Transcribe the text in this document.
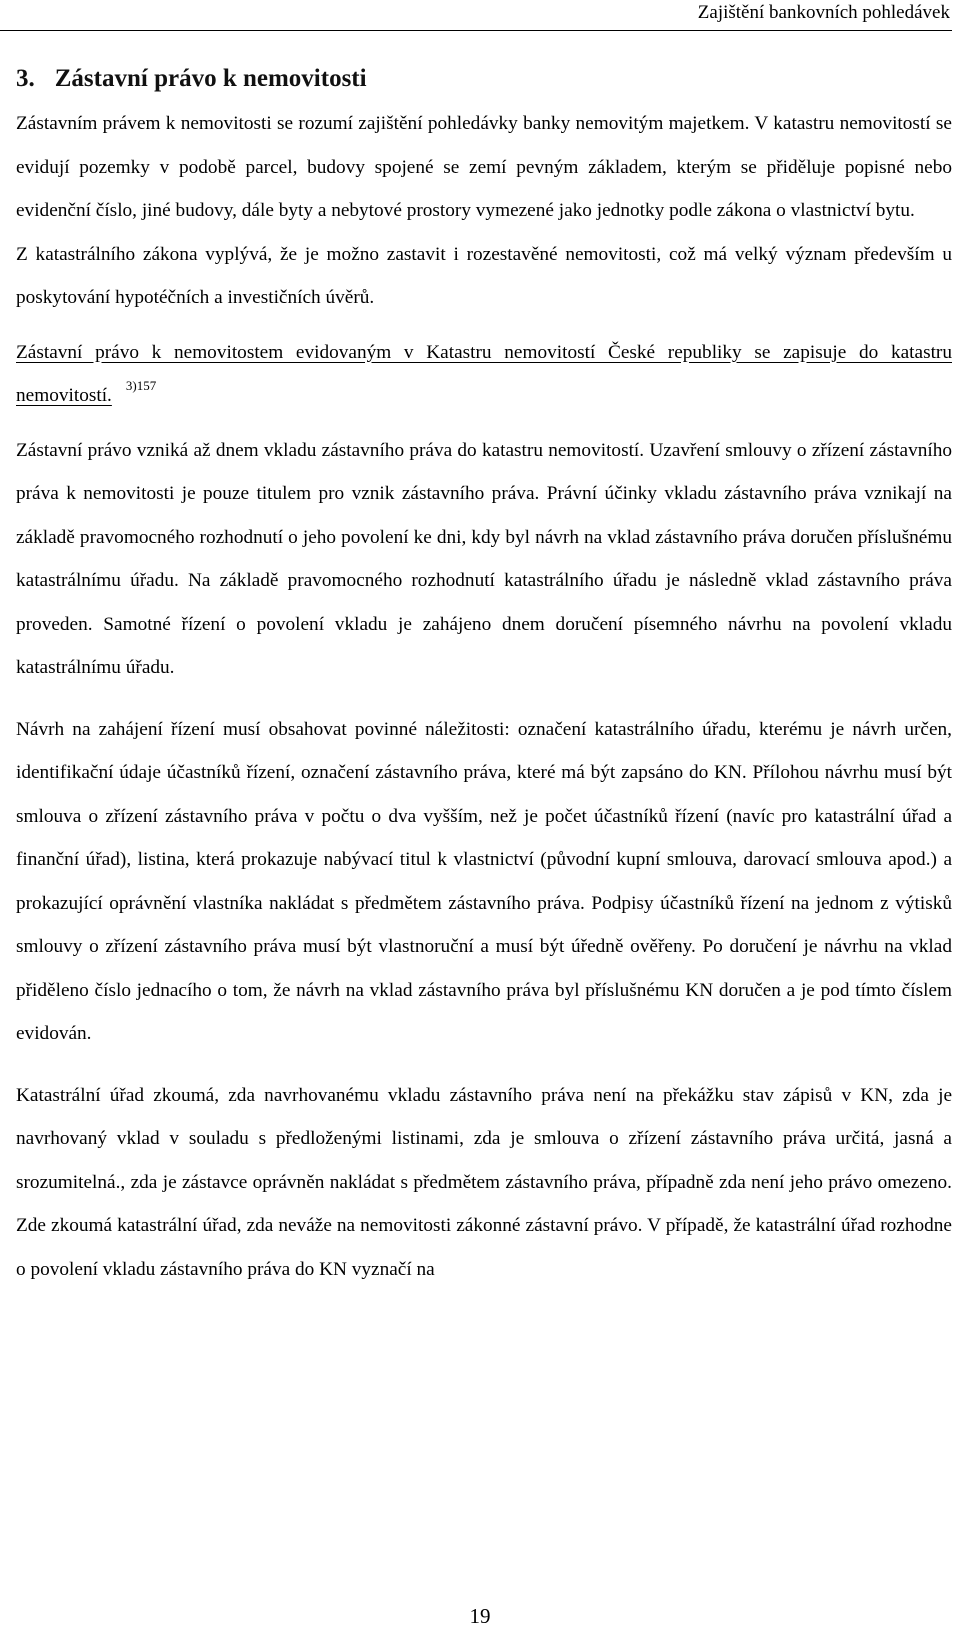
Zajištění bankovních pohledávek
3. Zástavní právo k nemovitosti

Zástavním právem k nemovitosti se rozumí zajištění pohledávky banky nemovitým majetkem. V katastru nemovitostí se evidují pozemky v podobě parcel, budovy spojené se zemí pevným základem, kterým se přiděluje popisné nebo evidenční číslo, jiné budovy, dále byty a nebytové prostory vymezené jako jednotky podle zákona o vlastnictví bytu.

Z katastrálního zákona vyplývá, že je možno zastavit i rozestavěné nemovitosti, což má velký význam především u poskytování hypotéčních a investičních úvěrů.

Zástavní právo k nemovitostem evidovaným v Katastru nemovitostí České republiky se zapisuje do katastru nemovitostí. $^{3)157}$

Zástavní právo vzniká až dnem vkladu zástavního práva do katastru nemovitostí. Uzavření smlouvy o zřízení zástavního práva k nemovitosti je pouze titulem pro vznik zástavního práva. Právní účinky vkladu zástavního práva vznikají na základě pravomocného rozhodnutí o jeho povolení ke dni, kdy byl návrh na vklad zástavního práva doručen příslušnému katastrálnímu úřadu. Na základě pravomocného rozhodnutí katastrálního úřadu je následně vklad zástavního práva proveden. Samotné řízení o povolení vkladu je zahájeno dnem doručení písemného návrhu na povolení vkladu katastrálnímu úřadu.

Návrh na zahájení řízení musí obsahovat povinné náležitosti: označení katastrálního úřadu, kterému je návrh určen, identifikační údaje účastníků řízení, označení zástavního práva, které má být zapsáno do KN. Přílohou návrhu musí být smlouva o zřízení zástavního práva v počtu o dva vyšším, než je počet účastníků řízení (navíc pro katastrální úřad a finanční úřad), listina, která prokazuje nabývací titul k vlastnictví (původní kupní smlouva, darovací smlouva apod.) a prokazující oprávnění vlastníka nakládat s předmětem zástavního práva. Podpisy účastníků řízení na jednom z výtisků smlouvy o zřízení zástavního práva musí být vlastnoruční a musí být úředně ověřeny. Po doručení je návrhu na vklad přiděleno číslo jednacího o tom, že návrh na vklad zástavního práva byl příslušnému KN doručen a je pod tímto číslem evidován.

Katastrální úřad zkoumá, zda navrhovanému vkladu zástavního práva není na překážku stav zápisů v KN, zda je navrhovaný vklad v souladu s předloženými listinami, zda je smlouva o zřízení zástavního práva určitá, jasná a srozumitelná., zda je zástavce oprávněn nakládat s předmětem zástavního práva, případně zda není jeho právo omezeno. Zde zkoumá katastrální úřad, zda neváže na nemovitosti zákonné zástavní právo. V případě, že katastrální úřad rozhodne o povolení vkladu zástavního práva do KN vyznačí na

19
